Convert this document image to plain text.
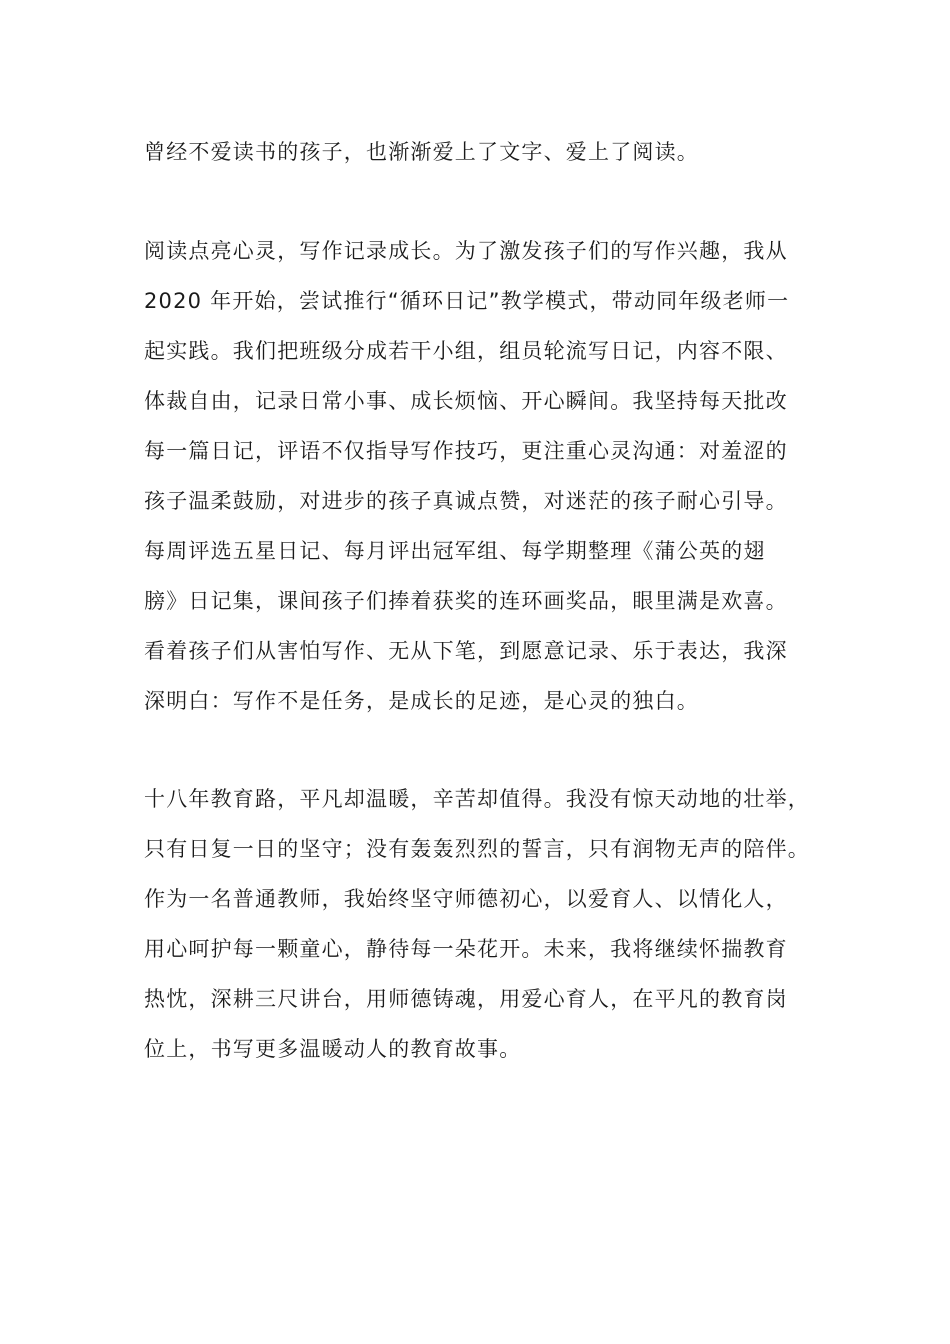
曾经不爱读书的孩子，也渐渐爱上了文字、爱上了阅读。

阅读点亮心灵，写作记录成长。为了激发孩子们的写作兴趣，我从

2020 年开始，尝试推行“循环日记”教学模式，带动同年级老师一

起实践。我们把班级分成若干小组，组员轮流写日记，内容不限、

体裁自由，记录日常小事、成长烦恼、开心瞬间。我坚持每天批改

每一篇日记，评语不仅指导写作技巧，更注重心灵沟通：对羞涩的

孩子温柔鼓励，对进步的孩子真诚点赞，对迷茫的孩子耐心引导。

每周评选五星日记、每月评出冠军组、每学期整理《蒲公英的翅

膀》日记集，课间孩子们捧着获奖的连环画奖品，眼里满是欢喜。

看着孩子们从害怕写作、无从下笔，到愿意记录、乐于表达，我深

深明白：写作不是任务，是成长的足迹，是心灵的独白。

十八年教育路，平凡却温暖，辛苦却值得。我没有惊天动地的壮举，

只有日复一日的坚守；没有轰轰烈烈的誓言，只有润物无声的陪伴。

作为一名普通教师，我始终坚守师德初心，以爱育人、以情化人，

用心呵护每一颗童心，静待每一朵花开。未来，我将继续怀揣教育

热忱，深耕三尺讲台，用师德铸魂，用爱心育人，在平凡的教育岗

位上，书写更多温暖动人的教育故事。
